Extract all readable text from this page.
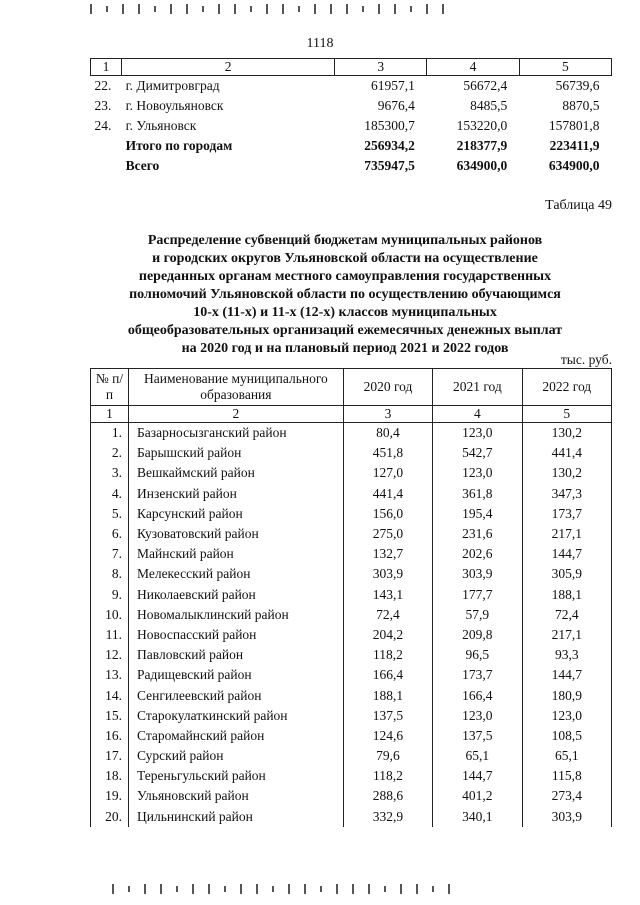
1118
1	2	3	4	5
22.	г. Димитровград	61957,1	56672,4	56739,6
23.	г. Новоульяновск	9676,4	8485,5	8870,5
24.	г. Ульяновск	185300,7	153220,0	157801,8
	Итого по городам	256934,2	218377,9	223411,9
	Всего	735947,5	634900,0	634900,0
Таблица 49
Распределение субвенций бюджетам муниципальных районов
и городских округов Ульяновской области на осуществление
переданных органам местного самоуправления государственных
полномочий Ульяновской области по осуществлению обучающимся
10-х (11-х) и 11-х (12-х) классов муниципальных
общеобразовательных организаций ежемесячных денежных выплат
на 2020 год и на плановый период 2021 и 2022 годов
тыс. руб.
№ п/п	Наименование муниципального образования	2020 год	2021 год	2022 год
1	2	3	4	5
1.	Базарносызганский район	80,4	123,0	130,2
2.	Барышский район	451,8	542,7	441,4
3.	Вешкаймский район	127,0	123,0	130,2
4.	Инзенский район	441,4	361,8	347,3
5.	Карсунский район	156,0	195,4	173,7
6.	Кузоватовский район	275,0	231,6	217,1
7.	Майнский район	132,7	202,6	144,7
8.	Мелекесский район	303,9	303,9	305,9
9.	Николаевский район	143,1	177,7	188,1
10.	Новомалыклинский район	72,4	57,9	72,4
11.	Новоспасский район	204,2	209,8	217,1
12.	Павловский район	118,2	96,5	93,3
13.	Радищевский район	166,4	173,7	144,7
14.	Сенгилеевский район	188,1	166,4	180,9
15.	Старокулаткинский район	137,5	123,0	123,0
16.	Старомайнский район	124,6	137,5	108,5
17.	Сурский район	79,6	65,1	65,1
18.	Тереньгульский район	118,2	144,7	115,8
19.	Ульяновский район	288,6	401,2	273,4
20.	Цильнинский район	332,9	340,1	303,9
